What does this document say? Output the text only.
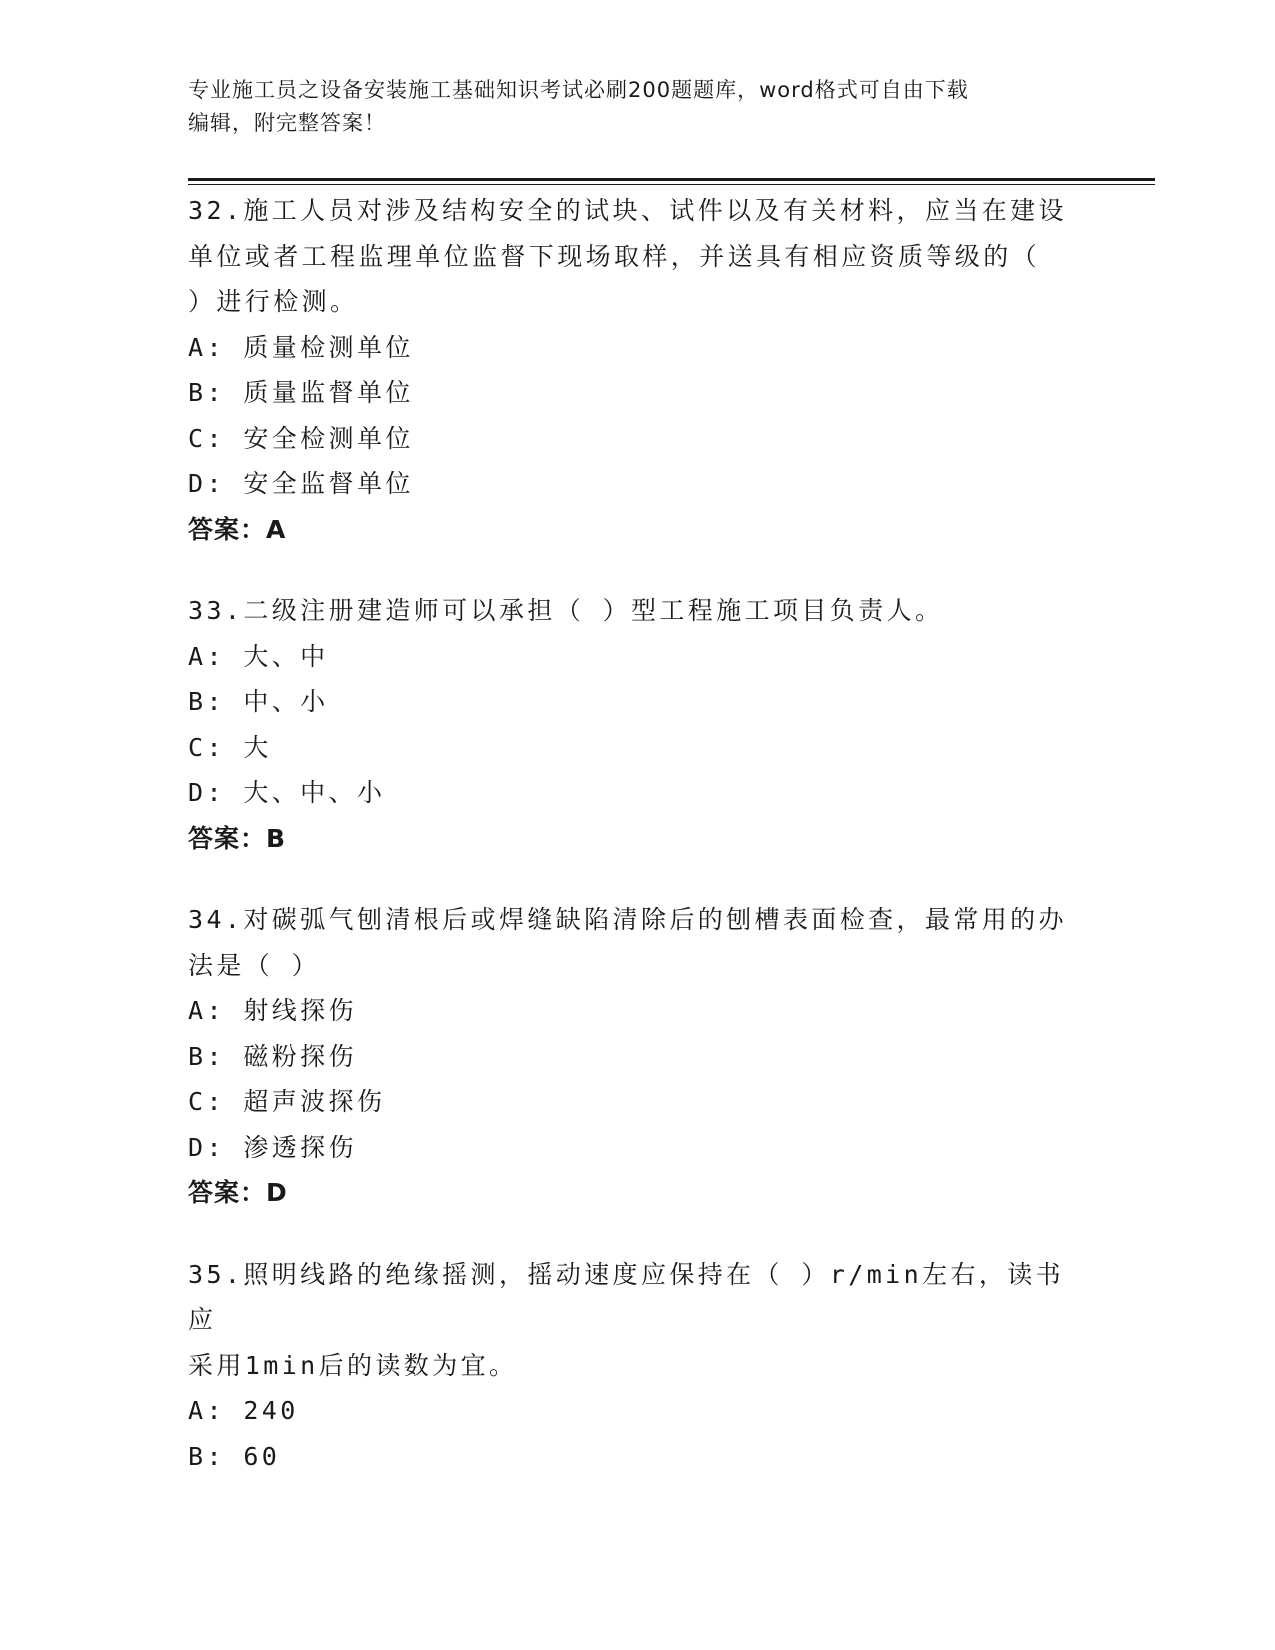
专业施工员之设备安装施工基础知识考试必刷200题题库，word格式可自由下载
编辑，附完整答案！
32.施工人员对涉及结构安全的试块、试件以及有关材料，应当在建设
单位或者工程监理单位监督下现场取样，并送具有相应资质等级的（
）进行检测。
A: 质量检测单位
B: 质量监督单位
C: 安全检测单位
D: 安全监督单位
答案：A
33.二级注册建造师可以承担（ ）型工程施工项目负责人。
A: 大、中
B: 中、小
C: 大
D: 大、中、小
答案：B
34.对碳弧气刨清根后或焊缝缺陷清除后的刨槽表面检查，最常用的办
法是（ ）
A: 射线探伤
B: 磁粉探伤
C: 超声波探伤
D: 渗透探伤
答案：D
35.照明线路的绝缘摇测，摇动速度应保持在（ ）r/min左右，读书应
采用1min后的读数为宜。
A: 240
B: 60
